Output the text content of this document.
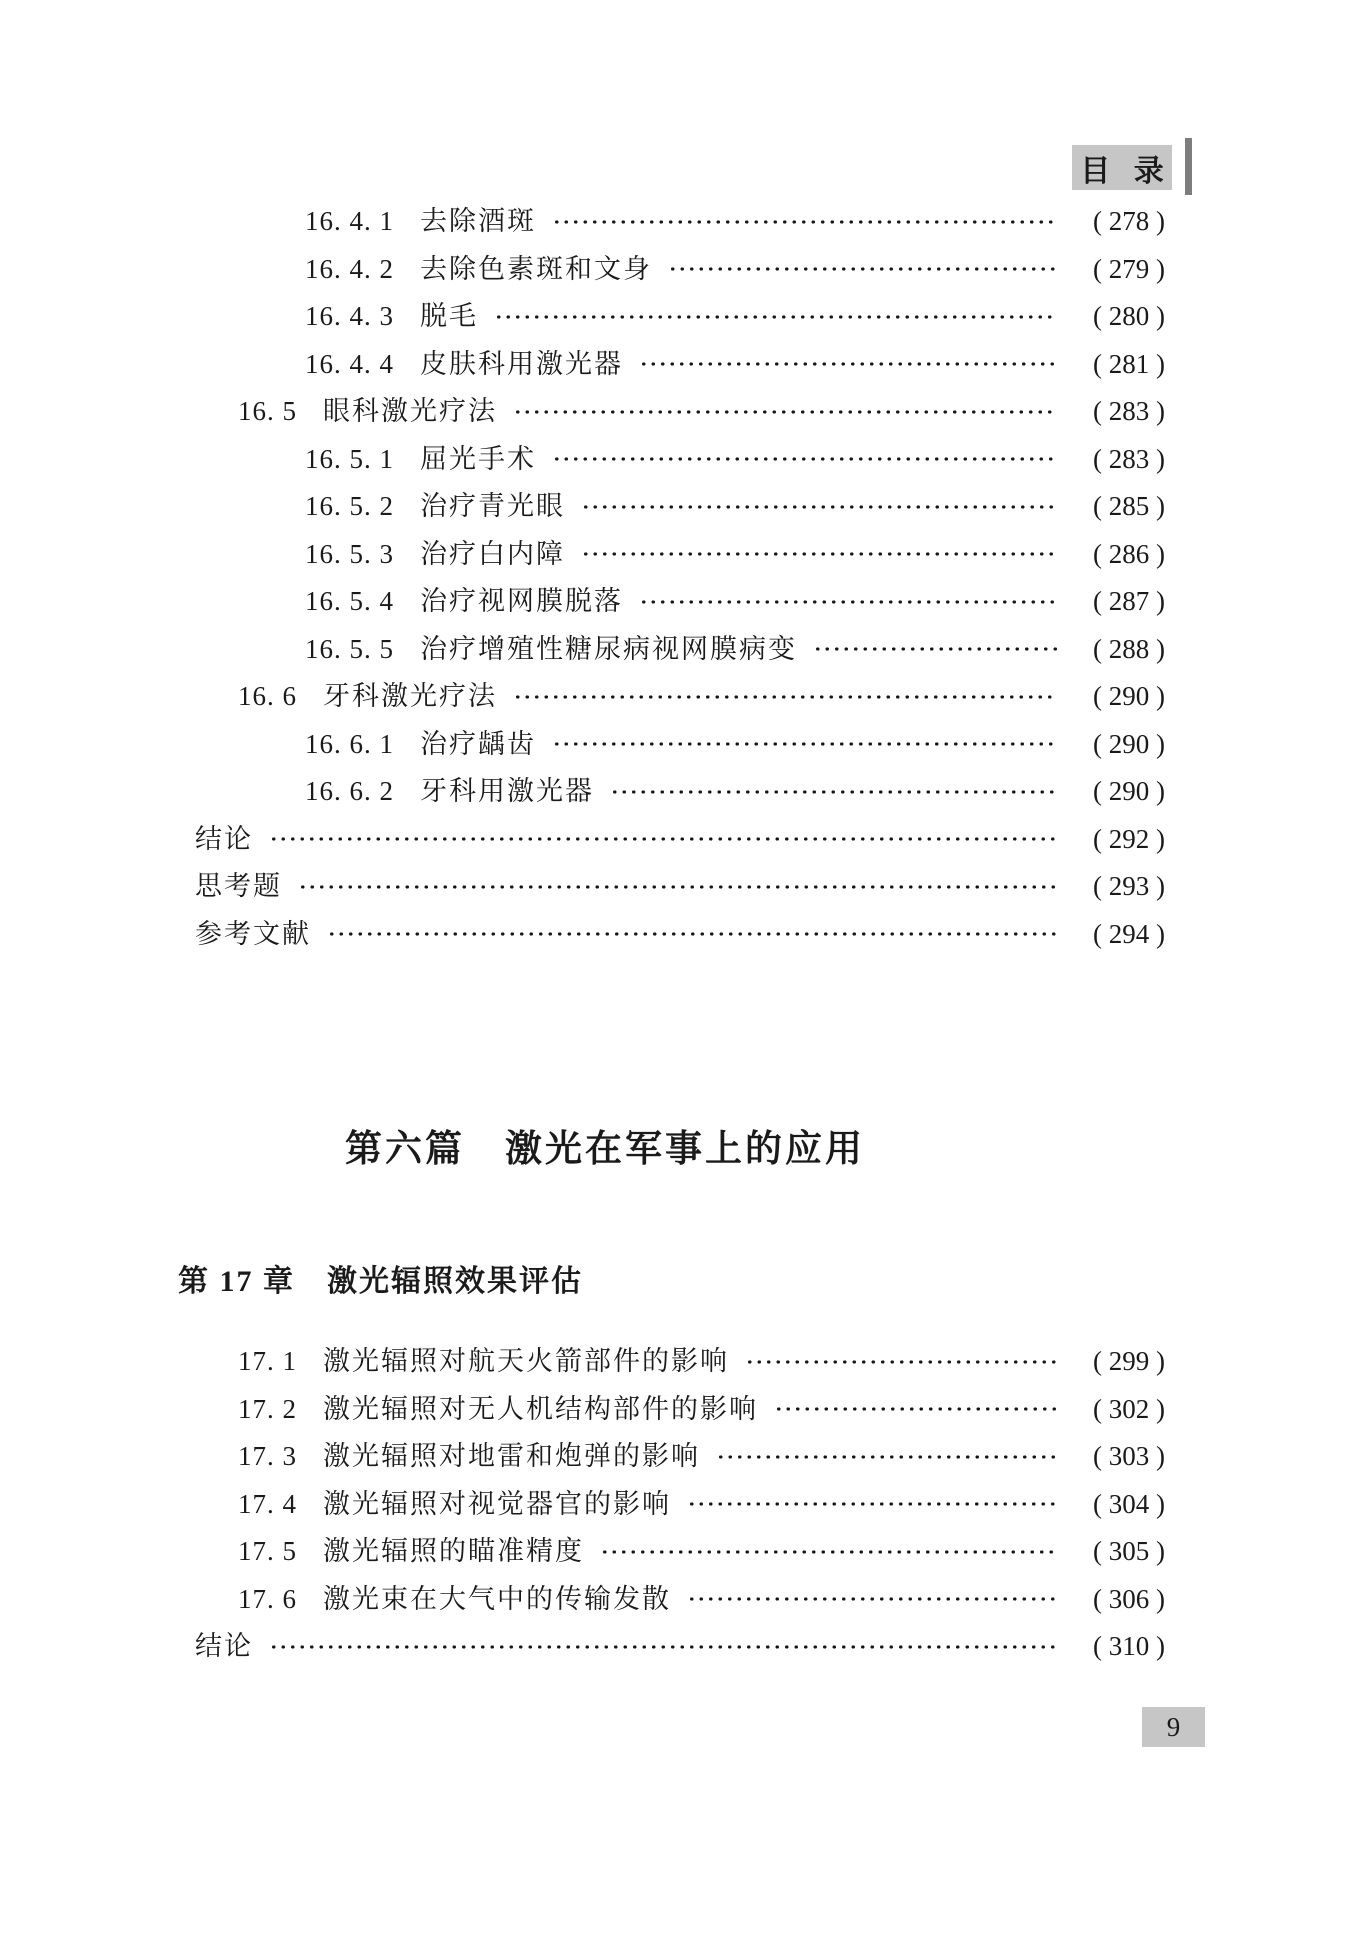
目 录
16. 4. 1 去除酒斑	( 278 )
16. 4. 2 去除色素斑和文身	( 279 )
16. 4. 3 脱毛	( 280 )
16. 4. 4 皮肤科用激光器	( 281 )
16. 5 眼科激光疗法	( 283 )
16. 5. 1 屈光手术	( 283 )
16. 5. 2 治疗青光眼	( 285 )
16. 5. 3 治疗白内障	( 286 )
16. 5. 4 治疗视网膜脱落	( 287 )
16. 5. 5 治疗增殖性糖尿病视网膜病变	( 288 )
16. 6 牙科激光疗法	( 290 )
16. 6. 1 治疗龋齿	( 290 )
16. 6. 2 牙科用激光器	( 290 )
结论	( 292 )
思考题	( 293 )
参考文献	( 294 )
第六篇　激光在军事上的应用
第 17 章　激光辐照效果评估
17. 1 激光辐照对航天火箭部件的影响	( 299 )
17. 2 激光辐照对无人机结构部件的影响	( 302 )
17. 3 激光辐照对地雷和炮弹的影响	( 303 )
17. 4 激光辐照对视觉器官的影响	( 304 )
17. 5 激光辐照的瞄准精度	( 305 )
17. 6 激光束在大气中的传输发散	( 306 )
结论	( 310 )
9
